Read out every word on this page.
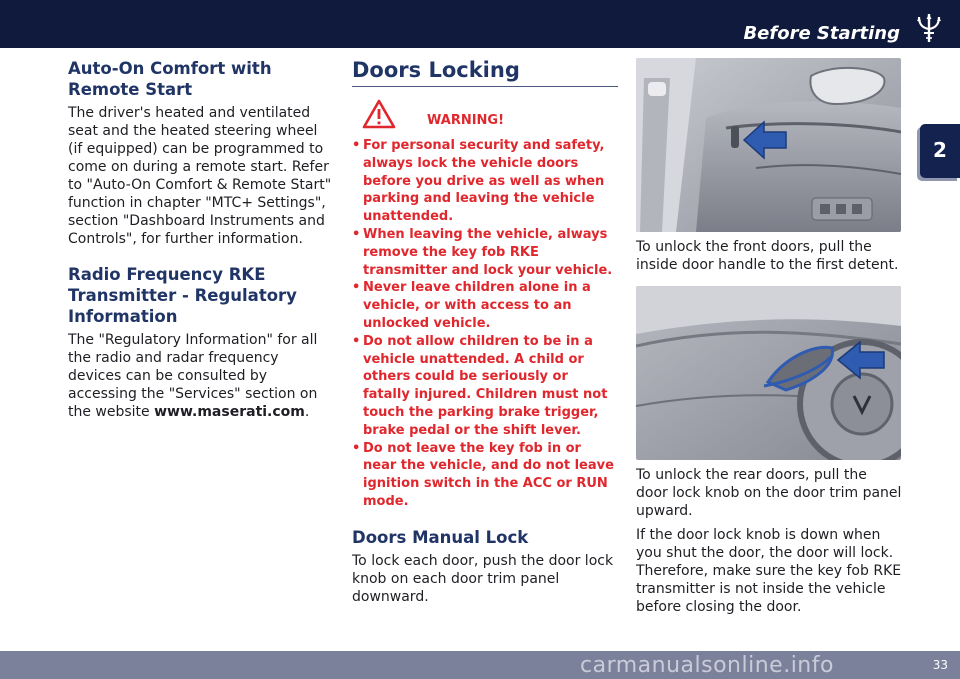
Before Starting
2
Auto-On Comfort with Remote Start

The driver's heated and ventilated seat and the heated steering wheel (if equipped) can be programmed to come on during a remote start. Refer to "Auto-On Comfort & Remote Start" function in chapter "MTC+ Settings", section "Dashboard Instruments and Controls", for further information.

Radio Frequency RKE Transmitter - Regulatory Information

The "Regulatory Information" for all the radio and radar frequency devices can be consulted by accessing the "Services" section on the website www.maserati.com.

Doors Locking
WARNING!
• For personal security and safety, always lock the vehicle doors before you drive as well as when parking and leaving the vehicle unattended.
• When leaving the vehicle, always remove the key fob RKE transmitter and lock your vehicle.
• Never leave children alone in a vehicle, or with access to an unlocked vehicle.
• Do not allow children to be in a vehicle unattended. A child or others could be seriously or fatally injured. Children must not touch the parking brake trigger, brake pedal or the shift lever.
• Do not leave the key fob in or near the vehicle, and do not leave ignition switch in the ACC or RUN mode.
Doors Manual Lock

To lock each door, push the door lock knob on each door trim panel downward.

To unlock the front doors, pull the inside door handle to the first detent.

To unlock the rear doors, pull the door lock knob on the door trim panel upward.

If the door lock knob is down when you shut the door, the door will lock. Therefore, make sure the key fob RKE transmitter is not inside the vehicle before closing the door.

carmanualsonline.info	33
